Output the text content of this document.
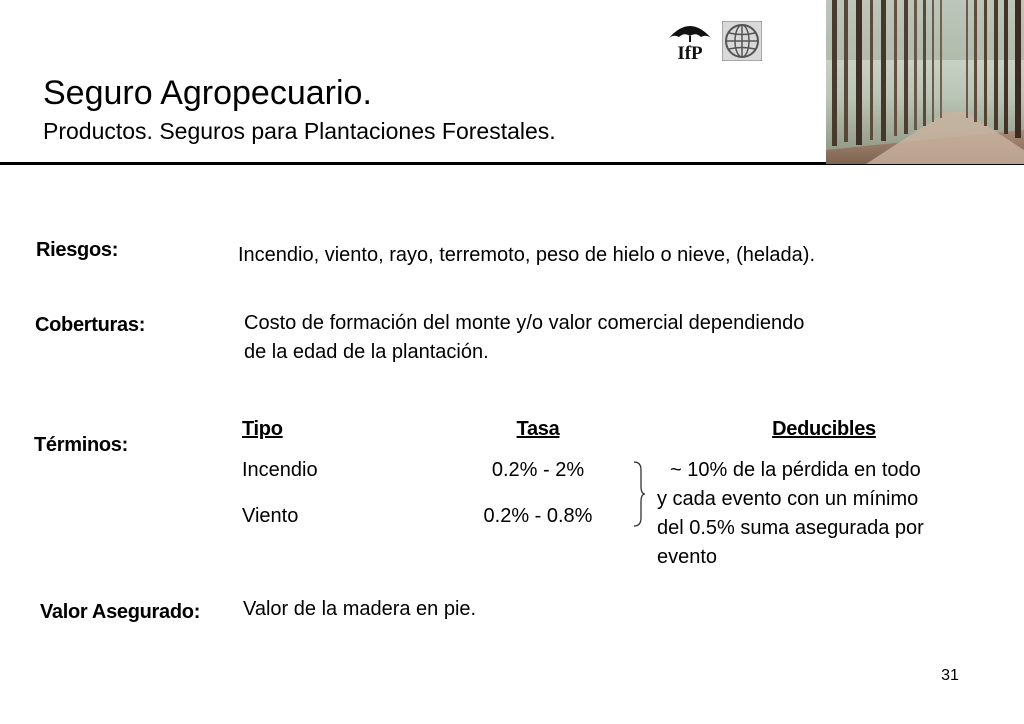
Seguro Agropecuario.
Productos. Seguros para Plantaciones Forestales.
IfP
Riesgos:	Incendio, viento, rayo, terremoto, peso de hielo o nieve, (helada).
Coberturas:	Costo de formación del monte y/o valor comercial dependiendo
de la edad de la plantación.
Términos:
Tipo	Tasa	Deducibles
Incendio	0.2% - 2%
Viento	0.2% - 0.8%
~ 10% de la pérdida en todo
y cada evento con un mínimo
del 0.5% suma asegurada por
evento
Valor Asegurado: Valor de la madera en pie.
31
